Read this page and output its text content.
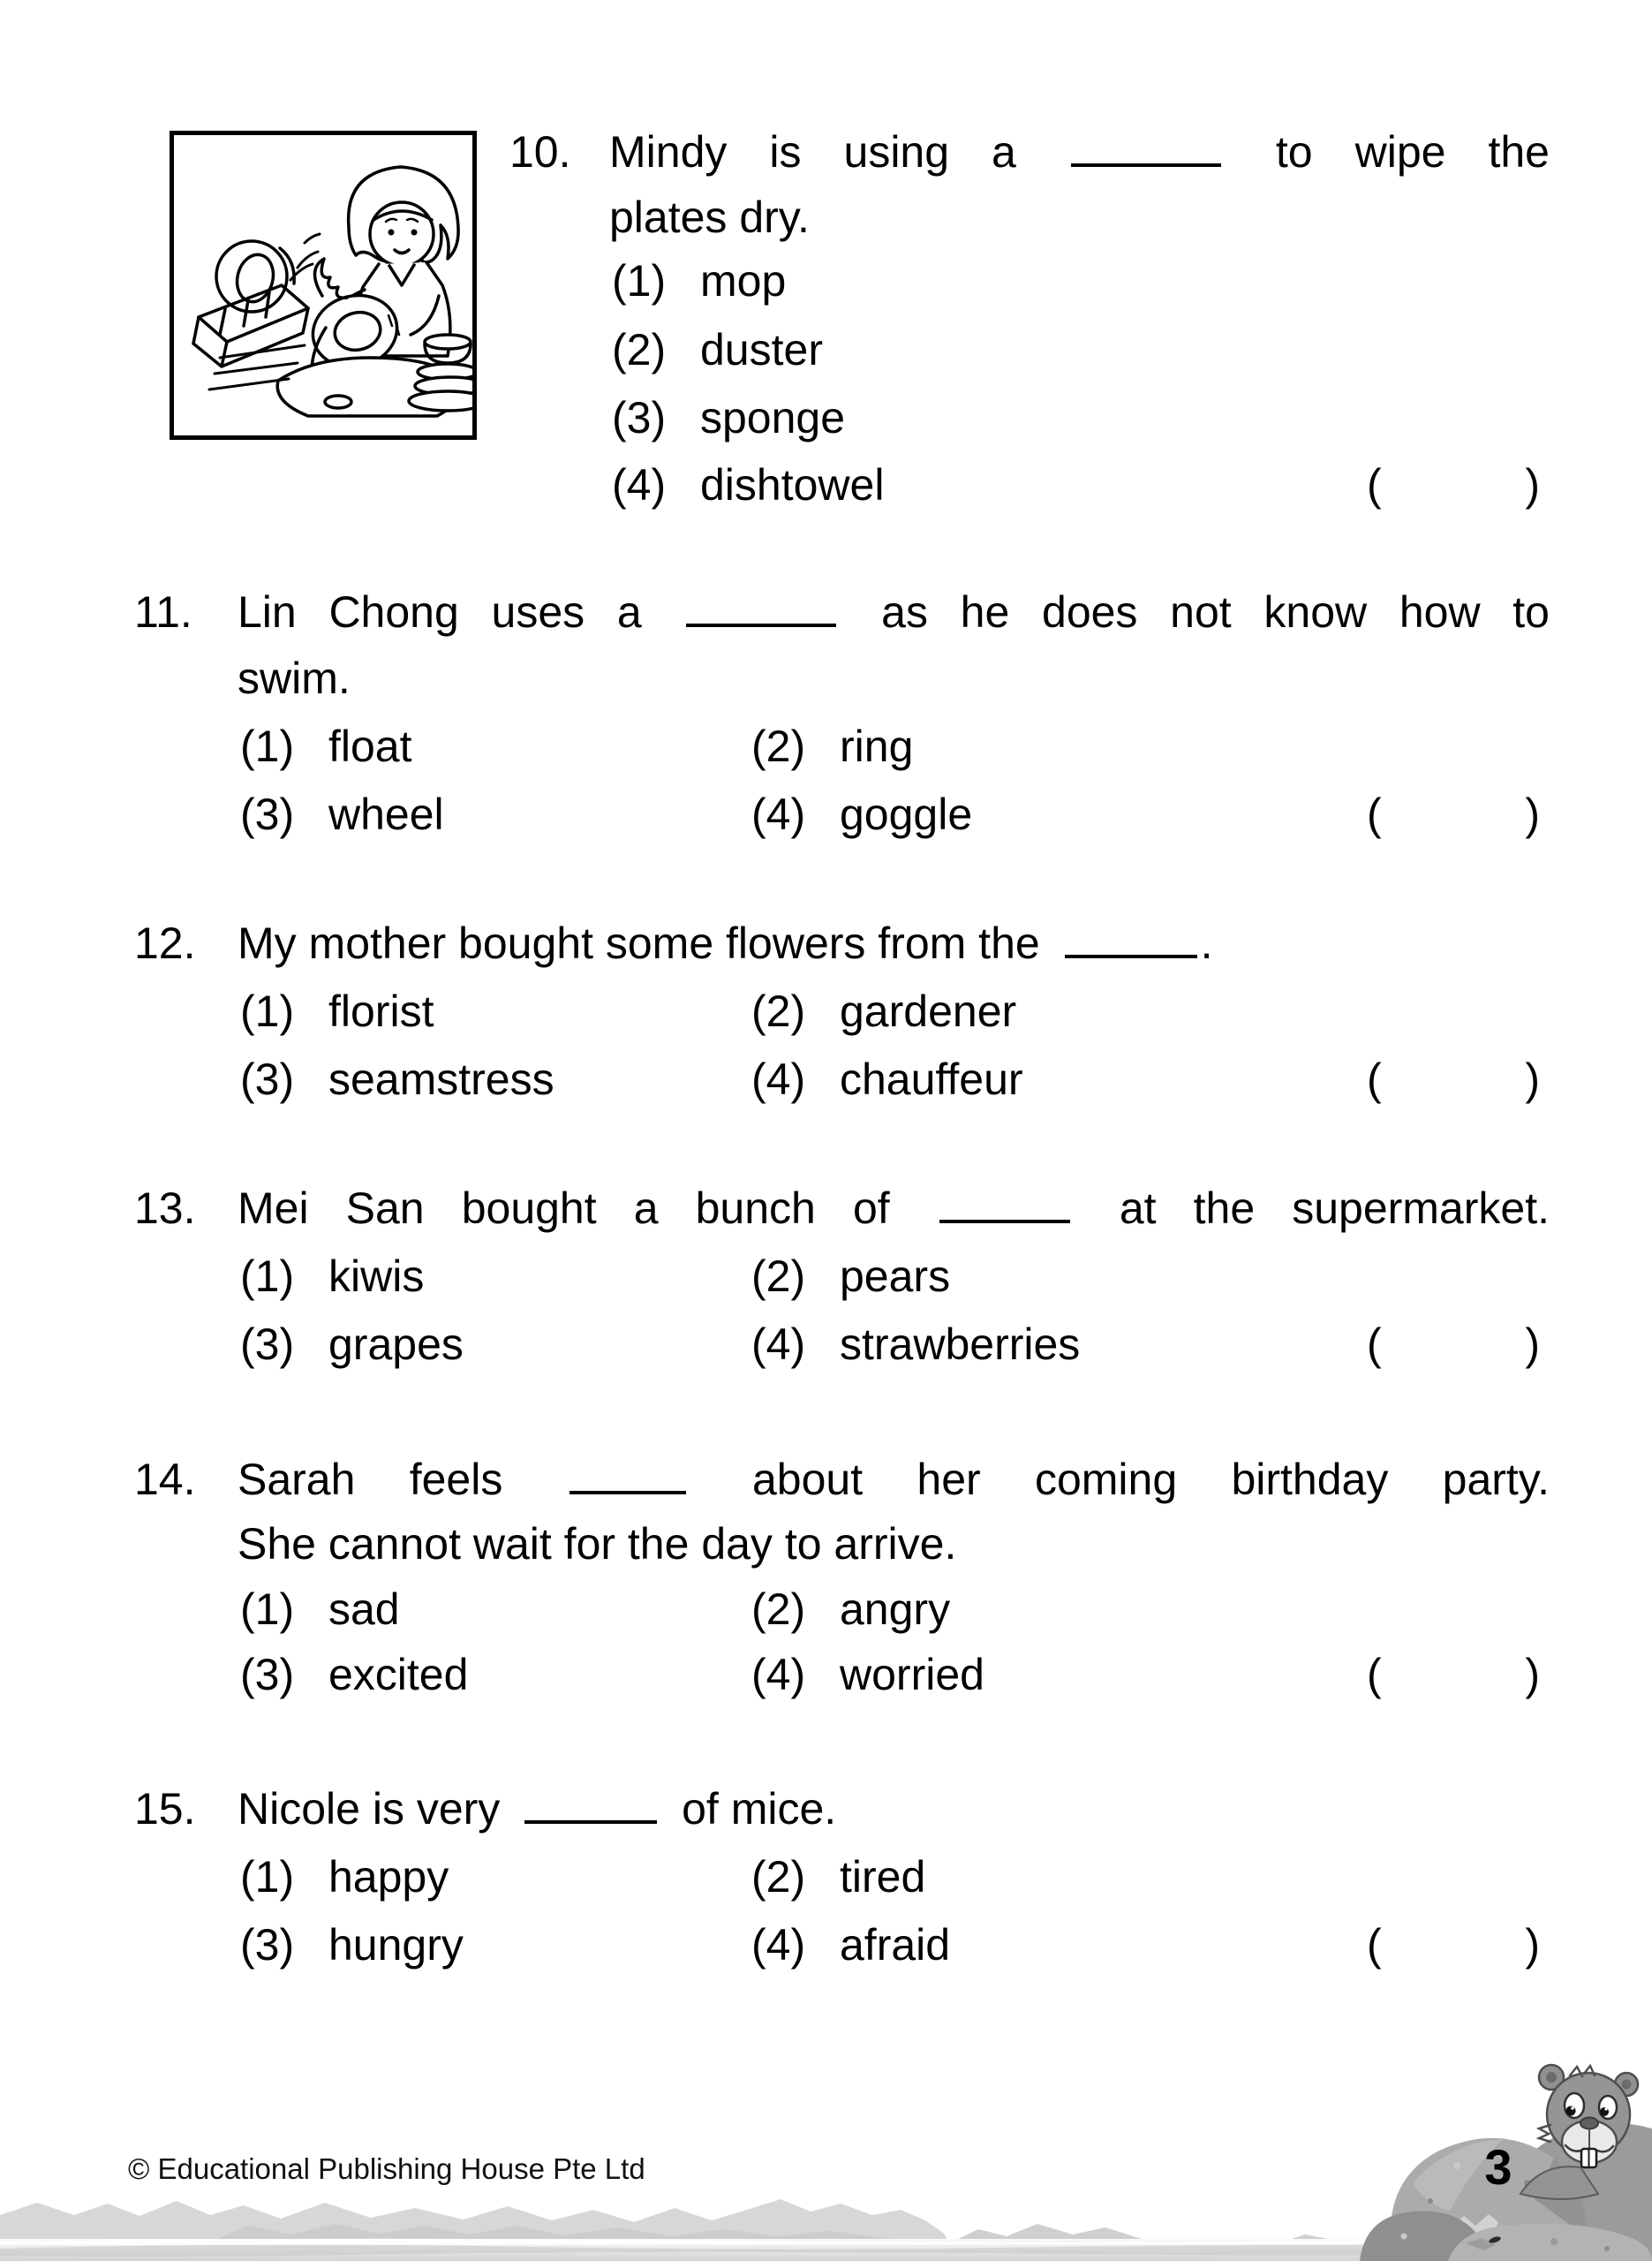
10. Mindy is using a	to wipe the
plates dry.
(1) mop
(2) duster
(3) sponge
(4) dishtowel	(	)
11. Lin Chong uses a	as he does not know how to
swim.
(1) float	(2) ring
(3) wheel	(4) goggle	(	)
12. My mother bought some flowers from the	.
(1) florist	(2) gardener
(3) seamstress	(4) chauffeur	(	)
13. Mei San bought a bunch of	at the supermarket.
(1) kiwis	(2) pears
(3) grapes	(4) strawberries	(	)
14. Sarah feels	about her coming birthday party.
She cannot wait for the day to arrive.
(1) sad	(2) angry
(3) excited	(4) worried	(	)
15. Nicole is very	of mice.
(1) happy	(2) tired
(3) hungry	(4) afraid	(	)
3
© Educational Publishing House Pte Ltd
